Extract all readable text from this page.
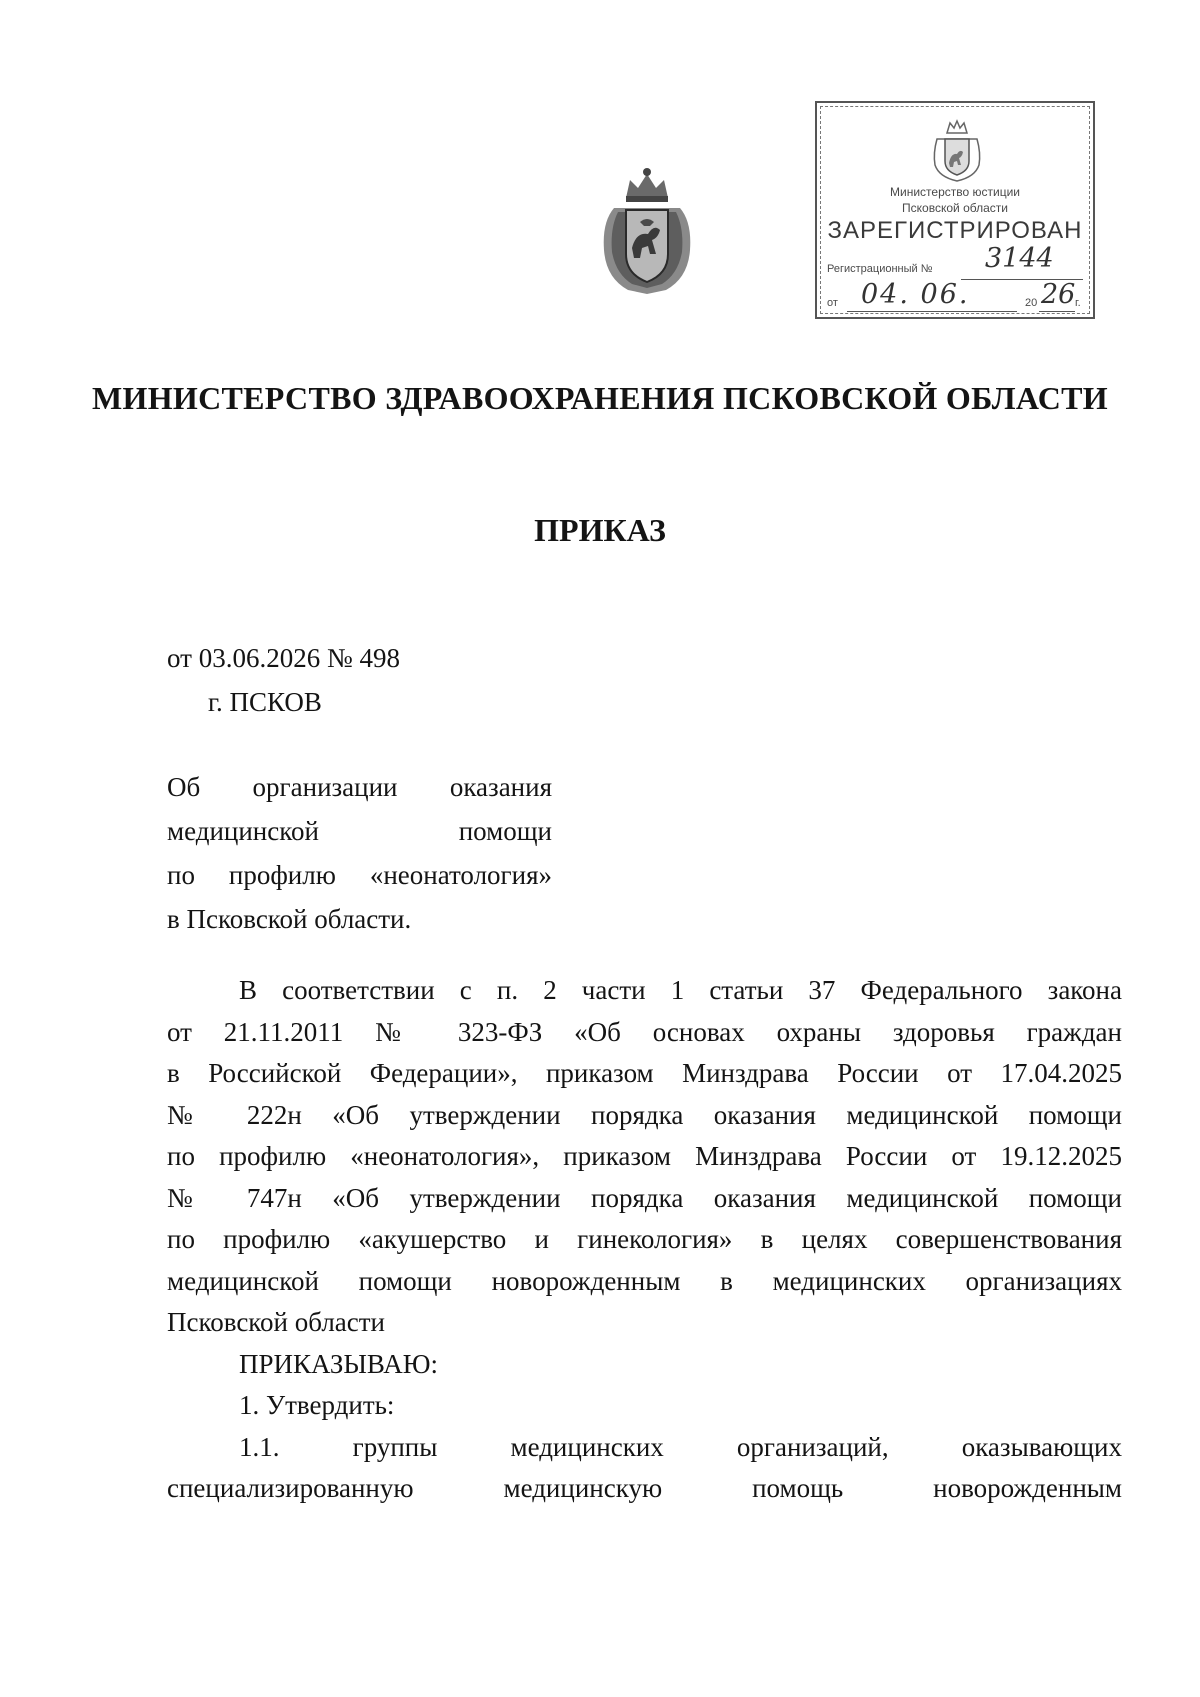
Министерство юстиции
Псковской области
ЗАРЕГИСТРИРОВАН
Регистрационный № 3144
от 04. 06.	20 26 г.
МИНИСТЕРСТВО ЗДРАВООХРАНЕНИЯ ПСКОВСКОЙ ОБЛАСТИ
ПРИКАЗ
от 03.06.2026 № 498
г. ПСКОВ
Об организации оказания
медицинской помощи
по профилю «неонатология»
в Псковской области.
В соответствии с п. 2 части 1 статьи 37 Федерального закона
от 21.11.2011 № 323-ФЗ «Об основах охраны здоровья граждан
в Российской Федерации», приказом Минздрава России от 17.04.2025
№ 222н «Об утверждении порядка оказания медицинской помощи
по профилю «неонатология», приказом Минздрава России от 19.12.2025
№ 747н «Об утверждении порядка оказания медицинской помощи
по профилю «акушерство и гинекология» в целях совершенствования
медицинской помощи новорожденным в медицинских организациях
Псковской области
ПРИКАЗЫВАЮ:
1. Утвердить:
1.1. группы медицинских организаций, оказывающих
специализированную медицинскую помощь новорожденным
